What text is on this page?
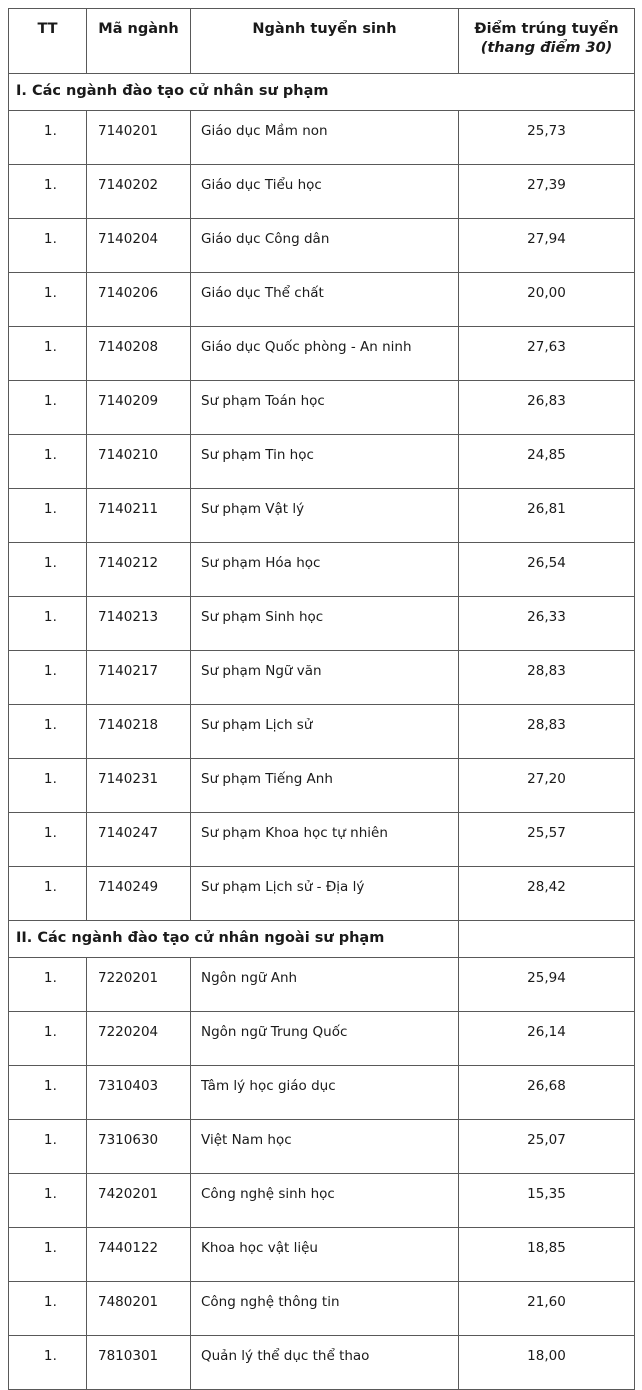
TT	Mã ngành	Ngành tuyển sinh	Điểm trúng tuyển
(thang điểm 30)

I. Các ngành đào tạo cử nhân sư phạm			
1.	7140201	Giáo dục Mầm non	25,73
1.	7140202	Giáo dục Tiểu học	27,39
1.	7140204	Giáo dục Công dân	27,94
1.	7140206	Giáo dục Thể chất	20,00
1.	7140208	Giáo dục Quốc phòng - An ninh	27,63
1.	7140209	Sư phạm Toán học	26,83
1.	7140210	Sư phạm Tin học	24,85
1.	7140211	Sư phạm Vật lý	26,81
1.	7140212	Sư phạm Hóa học	26,54
1.	7140213	Sư phạm Sinh học	26,33
1.	7140217	Sư phạm Ngữ văn	28,83
1.	7140218	Sư phạm Lịch sử	28,83
1.	7140231	Sư phạm Tiếng Anh	27,20
1.	7140247	Sư phạm Khoa học tự nhiên	25,57
1.	7140249	Sư phạm Lịch sử - Địa lý	28,42
II. Các ngành đào tạo cử nhân ngoài sư phạm			
1.	7220201	Ngôn ngữ Anh	25,94
1.	7220204	Ngôn ngữ Trung Quốc	26,14
1.	7310403	Tâm lý học giáo dục	26,68
1.	7310630	Việt Nam học	25,07
1.	7420201	Công nghệ sinh học	15,35
1.	7440122	Khoa học vật liệu	18,85
1.	7480201	Công nghệ thông tin	21,60
1.	7810301	Quản lý thể dục thể thao	18,00
